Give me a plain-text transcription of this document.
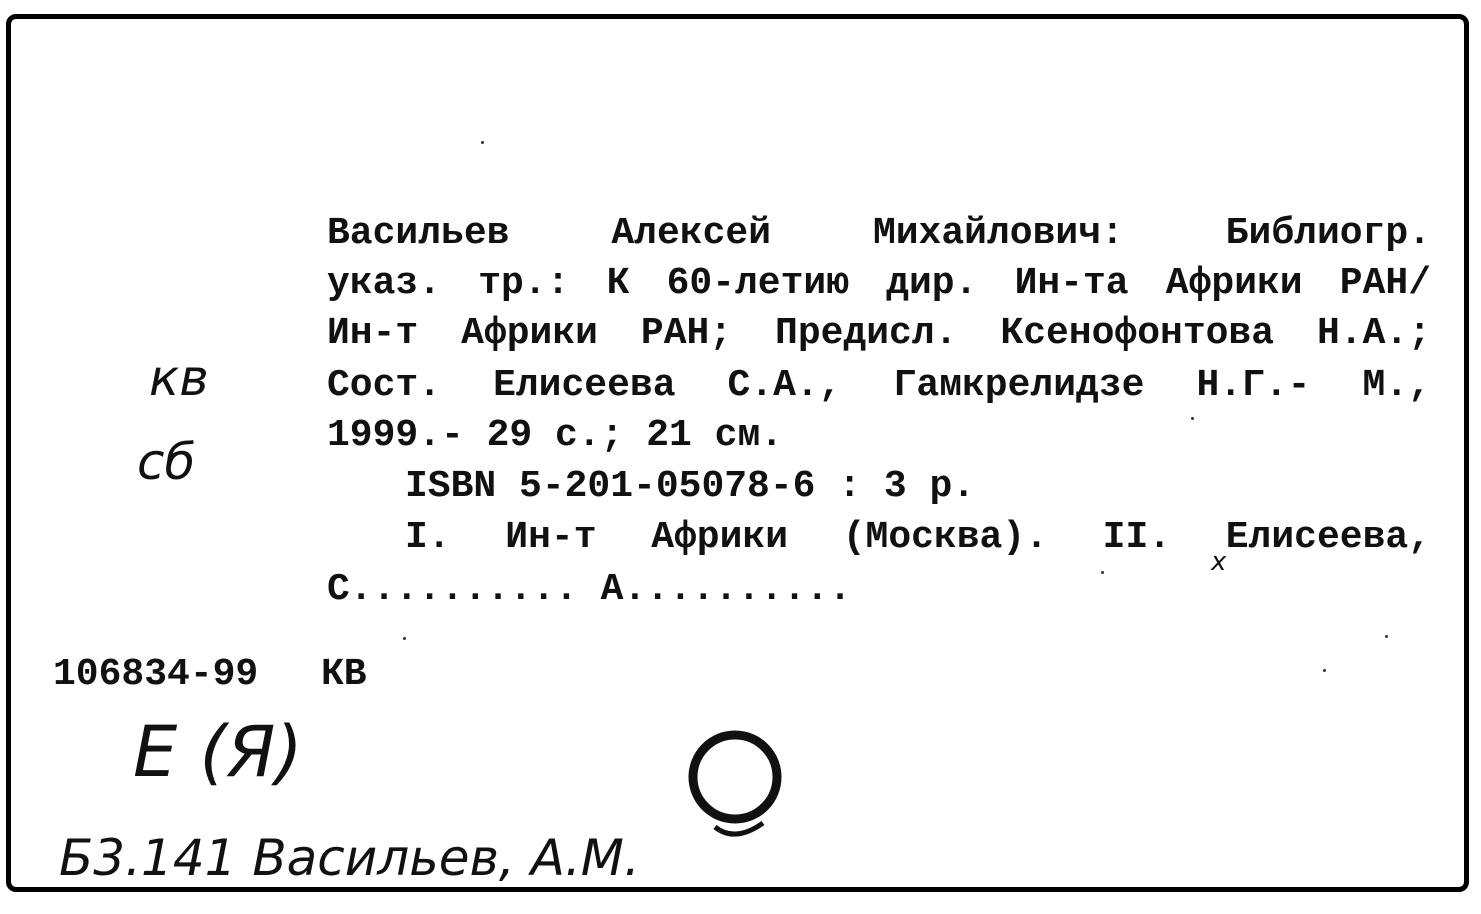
Васильев	Алексей	Михайлович:	Библиогр.
указ. тр.: К 60-летию дир. Ин-та Африки РАН/
Ин-т Африки РАН; Предисл. Ксенофонтова Н.А.;
Сост. Елисеева С.А., Гамкрелидзе Н.Г.- М.,
1999.- 29 с.; 21 см.
ISBN 5-201-05078-6 : 3 р.
I. Ин-т Африки (Москва). II. Елисеева,
С.......... А..........
106834-99 КВ
кв
сб
Е (Я)
Б3.141 Васильев, А.М.
x
